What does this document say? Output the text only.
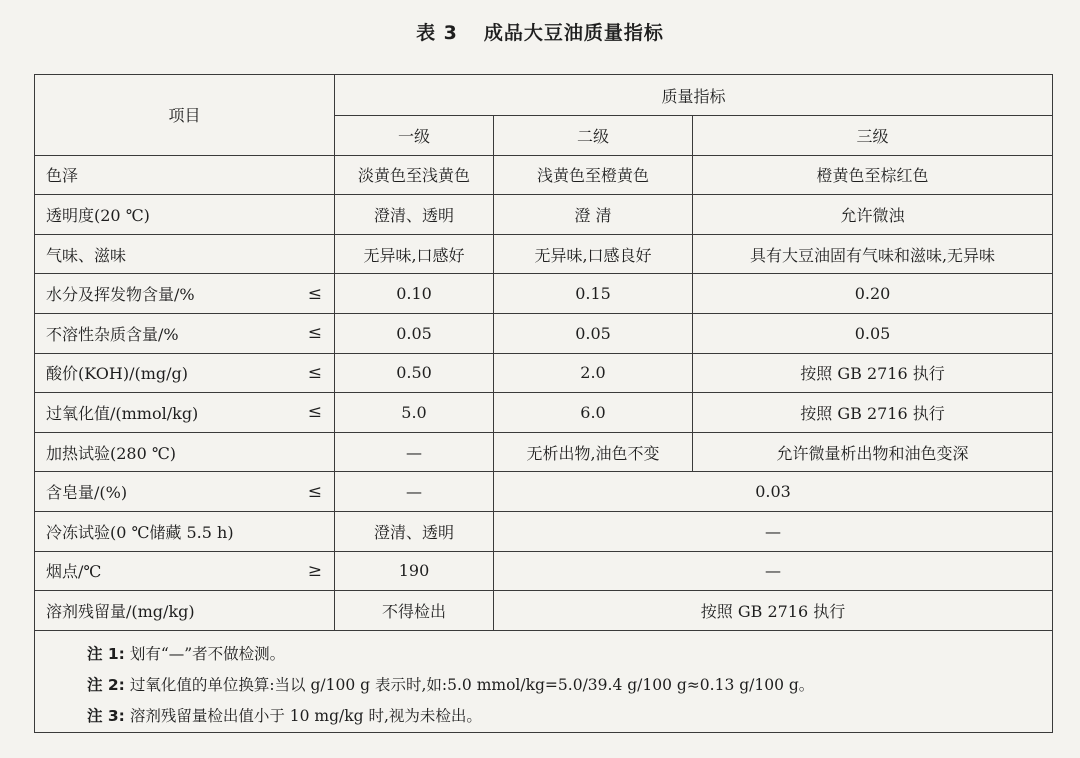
表 3 成品大豆油质量指标
项目	质量指标		
	一级	二级	三级
色泽	淡黄色至浅黄色	浅黄色至橙黄色	橙黄色至棕红色
透明度(20 ℃)	澄清、透明	澄 清	允许微浊
气味、滋味	无异味,口感好	无异味,口感良好	具有大豆油固有气味和滋味,无异味
水分及挥发物含量/% ≤	0.10	0.15	0.20
不溶性杂质含量/% ≤	0.05	0.05	0.05
酸价(KOH)/(mg/g) ≤	0.50	2.0	按照 GB 2716 执行
过氧化值/(mmol/kg) ≤	5.0	6.0	按照 GB 2716 执行
加热试验(280 ℃)	—	无析出物,油色不变	允许微量析出物和油色变深
含皂量/(%) ≤	—	0.03	
冷冻试验(0 ℃储藏 5.5 h)	澄清、透明	—	
烟点/℃ ≥	190	—	
溶剂残留量/(mg/kg)	不得检出	按照 GB 2716 执行	

注 1: 划有“—”者不做检测。
注 2: 过氧化值的单位换算:当以 g/100 g 表示时,如:5.0 mmol/kg=5.0/39.4 g/100 g≈0.13 g/100 g。
注 3: 溶剂残留量检出值小于 10 mg/kg 时,视为未检出。			
